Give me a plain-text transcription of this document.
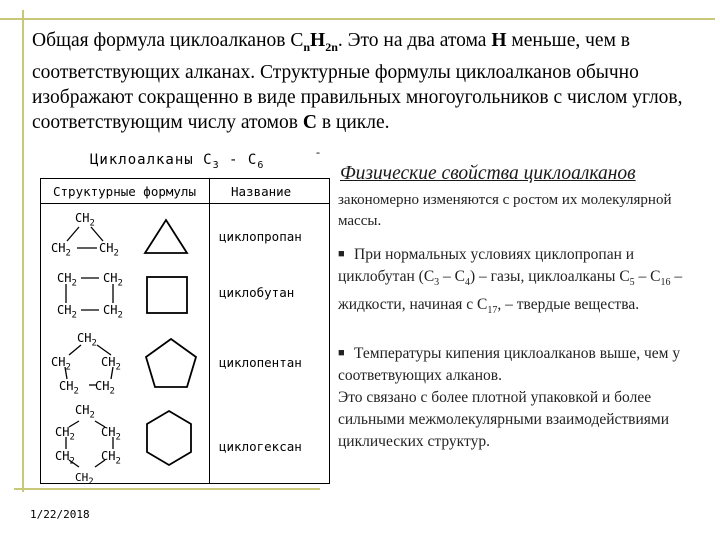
Общая формула циклоалканов $C_nH_{2n}$. Это на два атома H меньше, чем в соответствующих алканах. Структурные формулы циклоалканов обычно изображают сокращенно в виде правильных многоугольников с числом углов, соответствующим числу атомов C в цикле.
-
Циклоалканы $C_3 - C_6$
Структурные формулы	Название
$CH_2$
$CH_2$ $CH_2$
циклопропан
$CH_2$ $CH_2$
$CH_2$ $CH_2$
циклобутан
$CH_2$
$CH_2$	$CH_2$
$CH_2$ $CH_2$
циклопентан
$CH_2$
$CH_2$ $CH_2$
$CH_2$ $CH_2$
$CH_2$
циклогексан
Физические свойства циклоалканов
закономерно изменяются с ростом их молекулярной массы.
■ При нормальных условиях циклопропан и циклобутан $(С_3 - С_4)$ – газы, циклоалканы $С_5 - С_{16}$ – жидкости, начиная с $С_{17}$, – твердые вещества.
■ Температуры кипения циклоалканов выше, чем у соответвующих алканов.
Это связано с более плотной упаковкой и более сильными межмолекулярными взаимодействиями циклических структур.
1/22/2018
